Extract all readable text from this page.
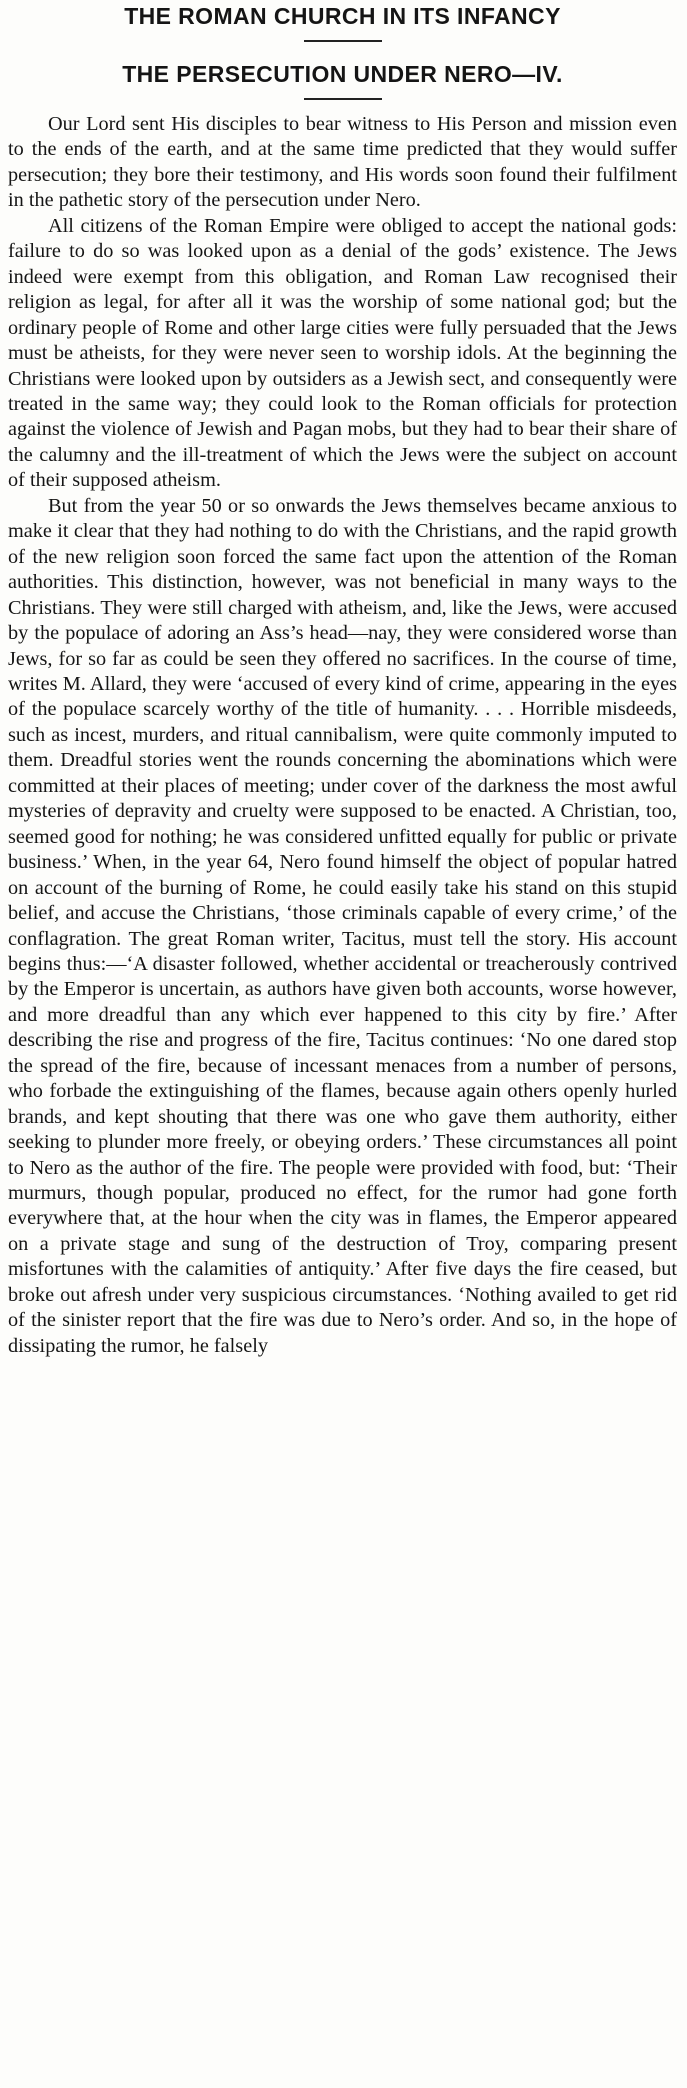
THE ROMAN CHURCH IN ITS INFANCY
THE PERSECUTION UNDER NERO—IV.

Our Lord sent His disciples to bear witness to His Person and mission even to the ends of the earth, and at the same time predicted that they would suffer persecution; they bore their testimony, and His words soon found their fulfilment in the pathetic story of the persecution under Nero.

All citizens of the Roman Empire were obliged to accept the national gods: failure to do so was looked upon as a denial of the gods’ existence. The Jews indeed were exempt from this obligation, and Roman Law recognised their religion as legal, for after all it was the worship of some national god; but the ordinary people of Rome and other large cities were fully persuaded that the Jews must be atheists, for they were never seen to worship idols. At the beginning the Christians were looked upon by outsiders as a Jewish sect, and consequently were treated in the same way; they could look to the Roman officials for protection against the violence of Jewish and Pagan mobs, but they had to bear their share of the calumny and the ill-treatment of which the Jews were the subject on account of their supposed atheism.

But from the year 50 or so onwards the Jews themselves became anxious to make it clear that they had nothing to do with the Christians, and the rapid growth of the new religion soon forced the same fact upon the attention of the Roman authorities. This distinction, however, was not beneficial in many ways to the Christians. They were still charged with atheism, and, like the Jews, were accused by the populace of adoring an Ass’s head—nay, they were considered worse than Jews, for so far as could be seen they offered no sacrifices. In the course of time, writes M. Allard, they were ‘accused of every kind of crime, appearing in the eyes of the populace scarcely worthy of the title of humanity. . . . Horrible misdeeds, such as incest, murders, and ritual cannibalism, were quite commonly imputed to them. Dreadful stories went the rounds concerning the abominations which were committed at their places of meeting; under cover of the darkness the most awful mysteries of depravity and cruelty were supposed to be enacted. A Christian, too, seemed good for nothing; he was considered unfitted equally for public or private business.’ When, in the year 64, Nero found himself the object of popular hatred on account of the burning of Rome, he could easily take his stand on this stupid belief, and accuse the Christians, ‘those criminals capable of every crime,’ of the conflagration. The great Roman writer, Tacitus, must tell the story. His account begins thus:—‘A disaster followed, whether accidental or treacherously contrived by the Emperor is uncertain, as authors have given both accounts, worse however, and more dreadful than any which ever happened to this city by fire.’ After describing the rise and progress of the fire, Tacitus continues: ‘No one dared stop the spread of the fire, because of incessant menaces from a number of persons, who forbade the extinguishing of the flames, because again others openly hurled brands, and kept shouting that there was one who gave them authority, either seeking to plunder more freely, or obeying orders.’ These circumstances all point to Nero as the author of the fire. The people were provided with food, but: ‘Their murmurs, though popular, produced no effect, for the rumor had gone forth everywhere that, at the hour when the city was in flames, the Emperor appeared on a private stage and sung of the destruction of Troy, comparing present misfortunes with the calamities of antiquity.’ After five days the fire ceased, but broke out afresh under very suspicious circumstances. ‘Nothing availed to get rid of the sinister report that the fire was due to Nero’s order. And so, in the hope of dissipating the rumor, he falsely
